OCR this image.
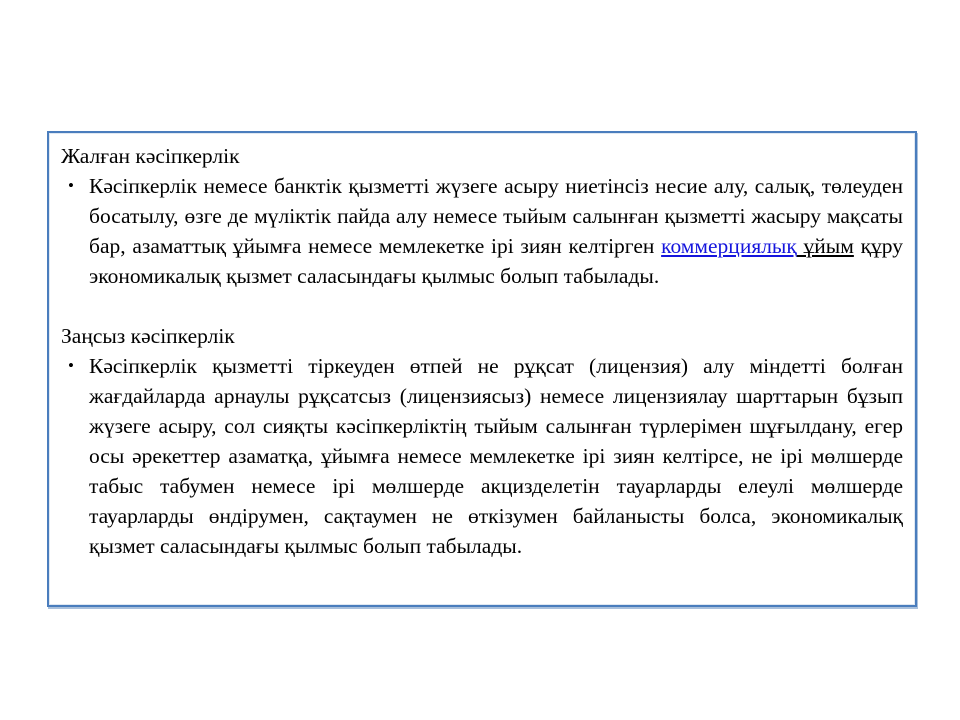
Жалған кәсіпкерлік
• Кәсіпкерлік немесе банктік қызметті жүзеге асыру ниетінсіз несие алу, салық, төлеуден босатылу, өзге де мүліктік пайда алу немесе тыйым салынған қызметті жасыру мақсаты бар, азаматтық ұйымға немесе мемлекетке ірі зиян келтірген коммерциялық ұйым құру экономикалық қызмет саласындағы қылмыс болып табылады.
Заңсыз кәсіпкерлік
• Кәсіпкерлік қызметті тіркеуден өтпей не рұқсат (лицензия) алу міндетті болған жағдайларда арнаулы рұқсатсыз (лицензиясыз) немесе лицензиялау шарттарын бұзып жүзеге асыру, сол сияқты кәсіпкерліктің тыйым салынған түрлерімен шұғылдану, егер осы әрекеттер азаматқа, ұйымға немесе мемлекетке ірі зиян келтірсе, не ірі мөлшерде табыс табумен немесе ірі мөлшерде акцизделетін тауарларды елеулі мөлшерде тауарларды өндірумен, сақтаумен не өткізумен байланысты болса, экономикалық қызмет саласындағы қылмыс болып табылады.
